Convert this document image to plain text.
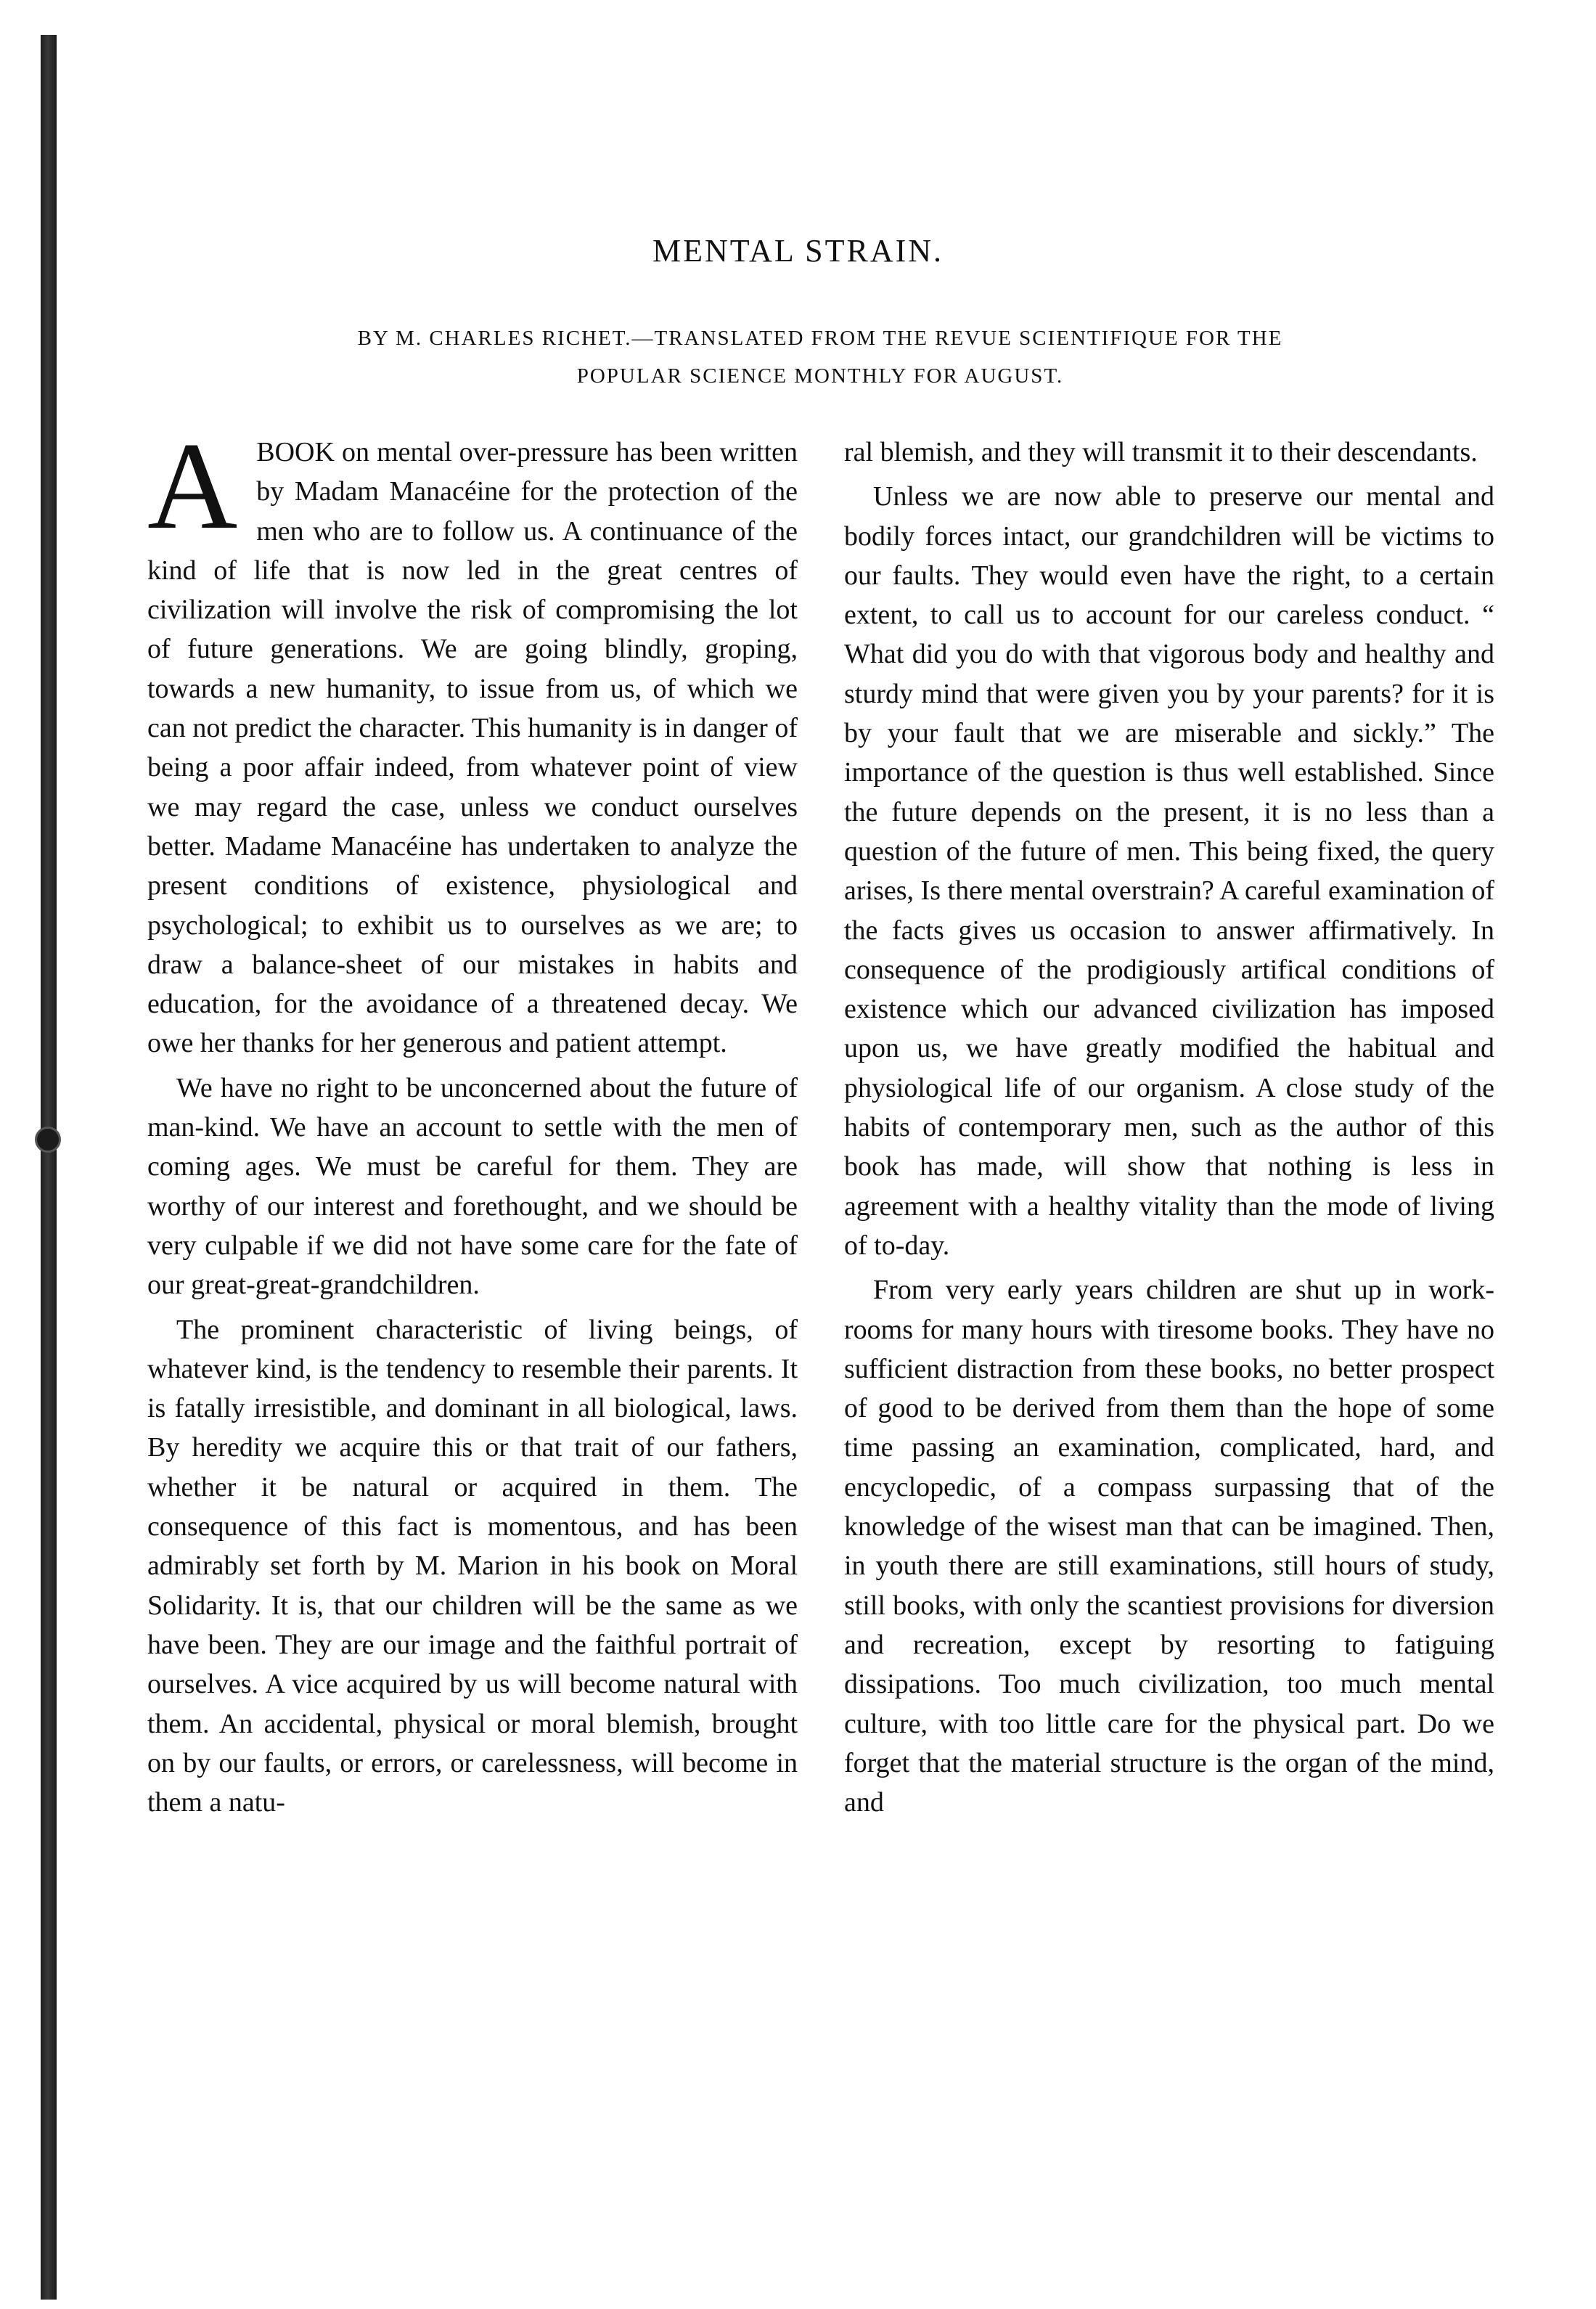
MENTAL STRAIN.
BY M. CHARLES RICHET.—TRANSLATED FROM THE REVUE SCIENTIFIQUE FOR THE
POPULAR SCIENCE MONTHLY FOR AUGUST.

ABOOK on mental over-pressure has been written by Madam Manacéine for the protection of the men who are to follow us. A continuance of the kind of life that is now led in the great centres of civilization will involve the risk of compromising the lot of future generations. We are going blindly, groping, towards a new humanity, to issue from us, of which we can not predict the character. This humanity is in danger of being a poor affair indeed, from whatever point of view we may regard the case, unless we conduct ourselves better. Madame Manacéine has undertaken to analyze the present conditions of existence, physiological and psychological; to exhibit us to ourselves as we are; to draw a balance-sheet of our mistakes in habits and education, for the avoidance of a threatened decay. We owe her thanks for her generous and patient attempt.

We have no right to be unconcerned about the future of man-kind. We have an account to settle with the men of coming ages. We must be careful for them. They are worthy of our interest and forethought, and we should be very culpable if we did not have some care for the fate of our great-great-grandchildren.

The prominent characteristic of living beings, of whatever kind, is the tendency to resemble their parents. It is fatally irresistible, and dominant in all biological, laws. By heredity we acquire this or that trait of our fathers, whether it be natural or acquired in them. The consequence of this fact is momentous, and has been admirably set forth by M. Marion in his book on Moral Solidarity. It is, that our children will be the same as we have been. They are our image and the faithful portrait of ourselves. A vice acquired by us will become natural with them. An accidental, physical or moral blemish, brought on by our faults, or errors, or carelessness, will become in them a natu-

ral blemish, and they will transmit it to their descendants.

Unless we are now able to preserve our mental and bodily forces intact, our grandchildren will be victims to our faults. They would even have the right, to a certain extent, to call us to account for our careless conduct. “ What did you do with that vigorous body and healthy and sturdy mind that were given you by your parents? for it is by your fault that we are miserable and sickly.” The importance of the question is thus well established. Since the future depends on the present, it is no less than a question of the future of men. This being fixed, the query arises, Is there mental overstrain? A careful examination of the facts gives us occasion to answer affirmatively. In consequence of the prodigiously artifical conditions of existence which our advanced civilization has imposed upon us, we have greatly modified the habitual and physiological life of our organism. A close study of the habits of contemporary men, such as the author of this book has made, will show that nothing is less in agreement with a healthy vitality than the mode of living of to-day.

From very early years children are shut up in work-rooms for many hours with tiresome books. They have no sufficient distraction from these books, no better prospect of good to be derived from them than the hope of some time passing an examination, complicated, hard, and encyclopedic, of a compass surpassing that of the knowledge of the wisest man that can be imagined. Then, in youth there are still examinations, still hours of study, still books, with only the scantiest provisions for diversion and recreation, except by resorting to fatiguing dissipations. Too much civilization, too much mental culture, with too little care for the physical part. Do we forget that the material structure is the organ of the mind, and
